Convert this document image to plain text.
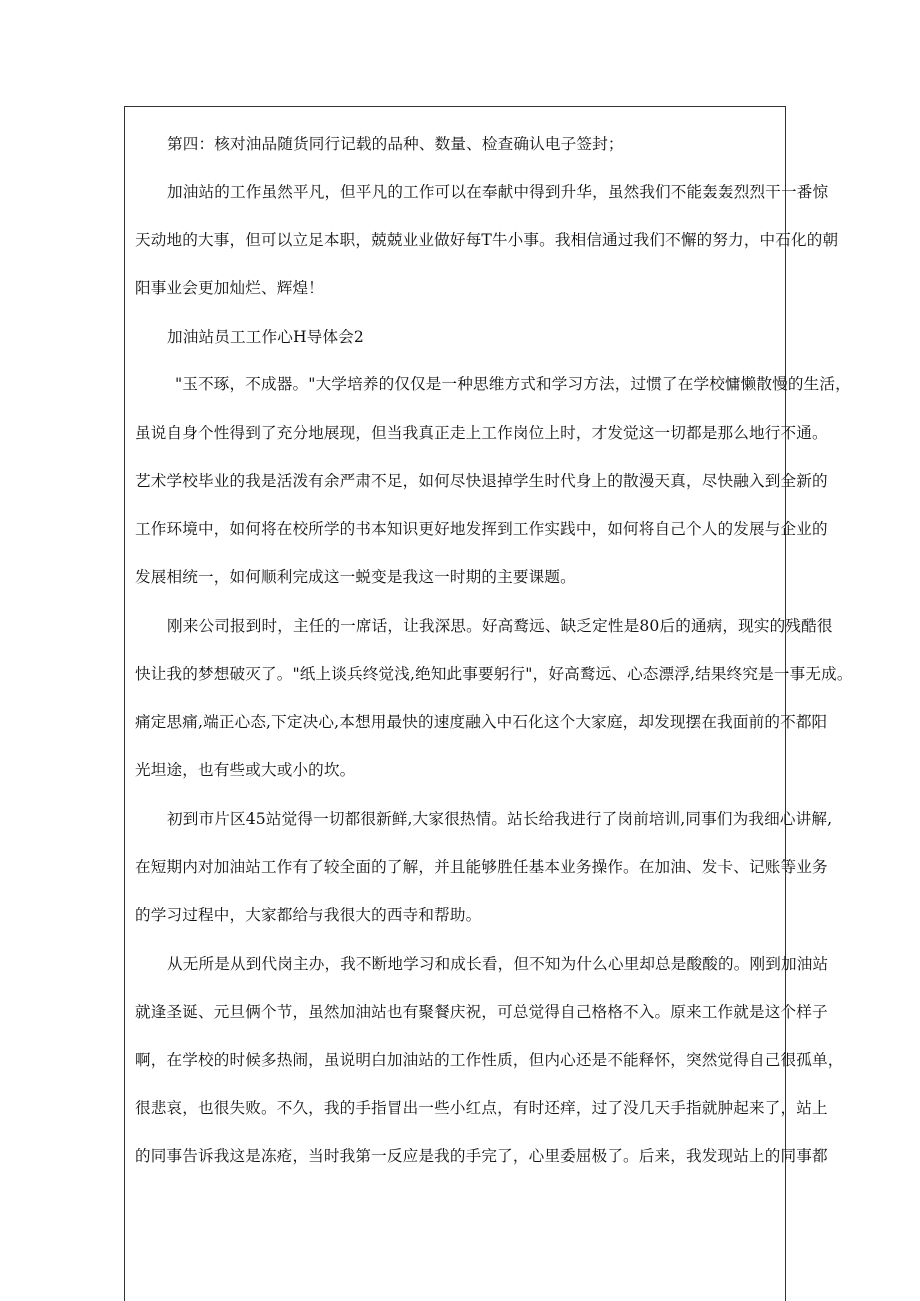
第四：核对油品随货同行记载的品种、数量、检查确认电子签封；
加油站的工作虽然平凡，但平凡的工作可以在奉献中得到升华，虽然我们不能轰轰烈烈干一番惊
天动地的大事，但可以立足本职，兢兢业业做好每T牛小事。我相信通过我们不懈的努力，中石化的朝
阳事业会更加灿烂、辉煌！
加油站员工工作心H导体会2
"玉不琢，不成器。"大学培养的仅仅是一种思维方式和学习方法，过惯了在学校慵懒散慢的生活，
虽说自身个性得到了充分地展现，但当我真正走上工作岗位上时，才发觉这一切都是那么地行不通。
艺术学校毕业的我是活泼有余严肃不足，如何尽快退掉学生时代身上的散漫天真，尽快融入到全新的
工作环境中，如何将在校所学的书本知识更好地发挥到工作实践中，如何将自己个人的发展与企业的
发展相统一，如何顺利完成这一蜕变是我这一时期的主要课题。
刚来公司报到时，主任的一席话，让我深思。好高鹜远、缺乏定性是80后的通病，现实的残酷很
快让我的梦想破灭了。"纸上谈兵终觉浅,绝知此事要躬行"，好高鹜远、心态漂浮,结果终究是一事无成。
痛定思痛,端正心态,下定决心,本想用最快的速度融入中石化这个大家庭，却发现摆在我面前的不都阳
光坦途，也有些或大或小的坎。
初到市片区45站觉得一切都很新鲜,大家很热情。站长给我进行了岗前培训,同事们为我细心讲解,
在短期内对加油站工作有了较全面的了解，并且能够胜任基本业务操作。在加油、发卡、记账等业务
的学习过程中，大家都给与我很大的西寺和帮助。
从无所是从到代岗主办，我不断地学习和成长看，但不知为什么心里却总是酸酸的。刚到加油站
就逢圣诞、元旦俩个节，虽然加油站也有聚餐庆祝，可总觉得自己格格不入。原来工作就是这个样子
啊，在学校的时候多热闹，虽说明白加油站的工作性质，但内心还是不能释怀，突然觉得自己很孤单，
很悲哀，也很失败。不久，我的手指冒出一些小红点，有时还痒，过了没几天手指就肿起来了，站上
的同事告诉我这是冻疮，当时我第一反应是我的手完了，心里委屈极了。后来，我发现站上的同事都
